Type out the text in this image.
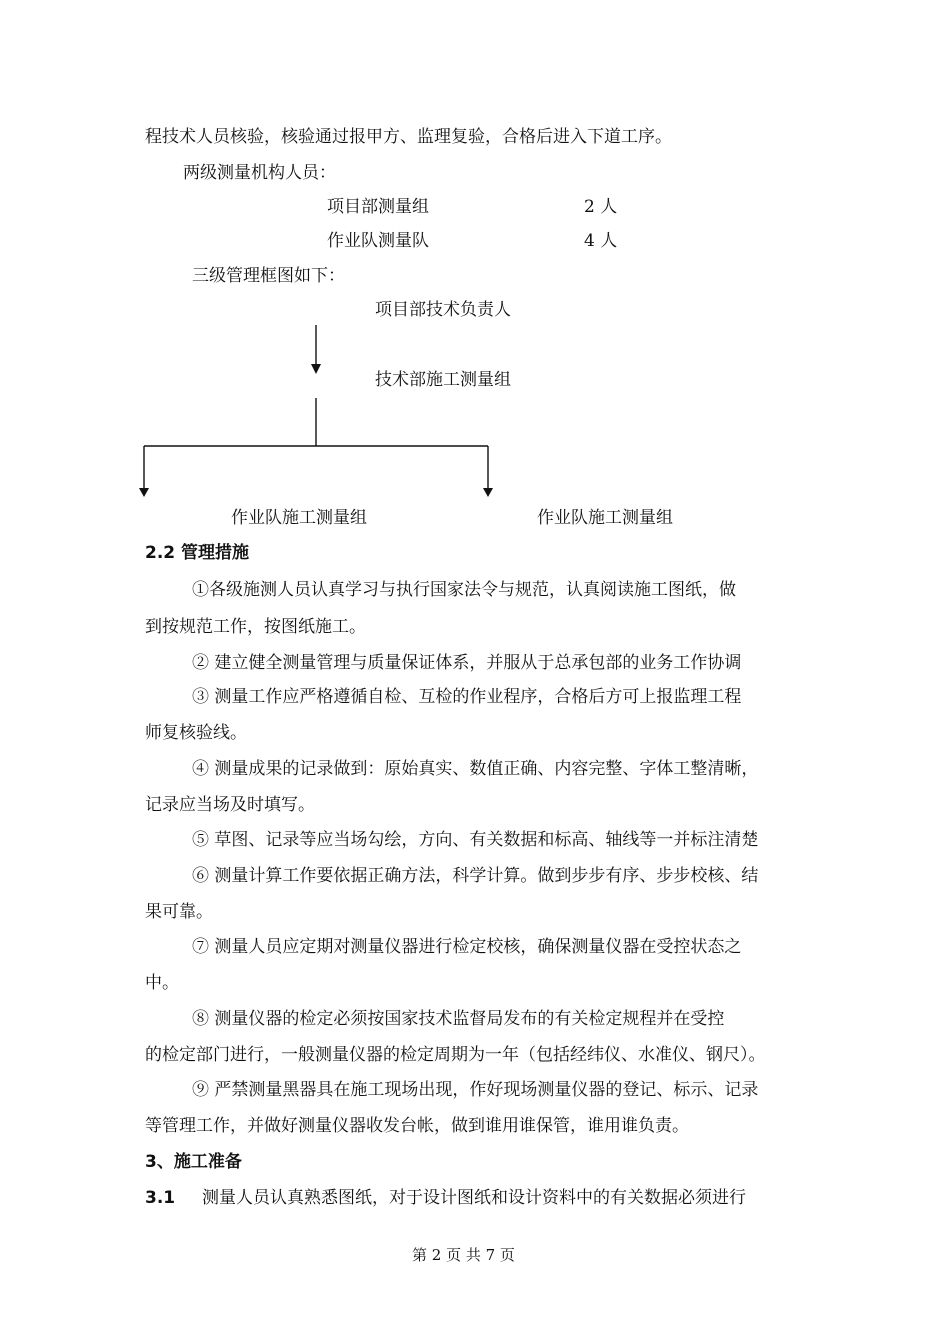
程技术人员核验，核验通过报甲方、监理复验，合格后进入下道工序。
两级测量机构人员：
项目部测量组	2 人
作业队测量队	4 人
三级管理框图如下：
项目部技术负责人
技术部施工测量组
作业队施工测量组	作业队施工测量组
2.2 管理措施
①各级施测人员认真学习与执行国家法令与规范，认真阅读施工图纸，做
到按规范工作，按图纸施工。
② 建立健全测量管理与质量保证体系，并服从于总承包部的业务工作协调
③ 测量工作应严格遵循自检、互检的作业程序，合格后方可上报监理工程
师复核验线。
④ 测量成果的记录做到：原始真实、数值正确、内容完整、字体工整清晰，
记录应当场及时填写。
⑤ 草图、记录等应当场勾绘，方向、有关数据和标高、轴线等一并标注清楚
⑥ 测量计算工作要依据正确方法，科学计算。做到步步有序、步步校核、结
果可靠。
⑦ 测量人员应定期对测量仪器进行检定校核，确保测量仪器在受控状态之
中。
⑧ 测量仪器的检定必须按国家技术监督局发布的有关检定规程并在受控
的检定部门进行，一般测量仪器的检定周期为一年（包括经纬仪、水准仪、钢尺）。
⑨ 严禁测量黑器具在施工现场出现，作好现场测量仪器的登记、标示、记录
等管理工作，并做好测量仪器收发台帐，做到谁用谁保管，谁用谁负责。
3、施工准备
3.1 测量人员认真熟悉图纸，对于设计图纸和设计资料中的有关数据必须进行
第 2 页 共 7 页
